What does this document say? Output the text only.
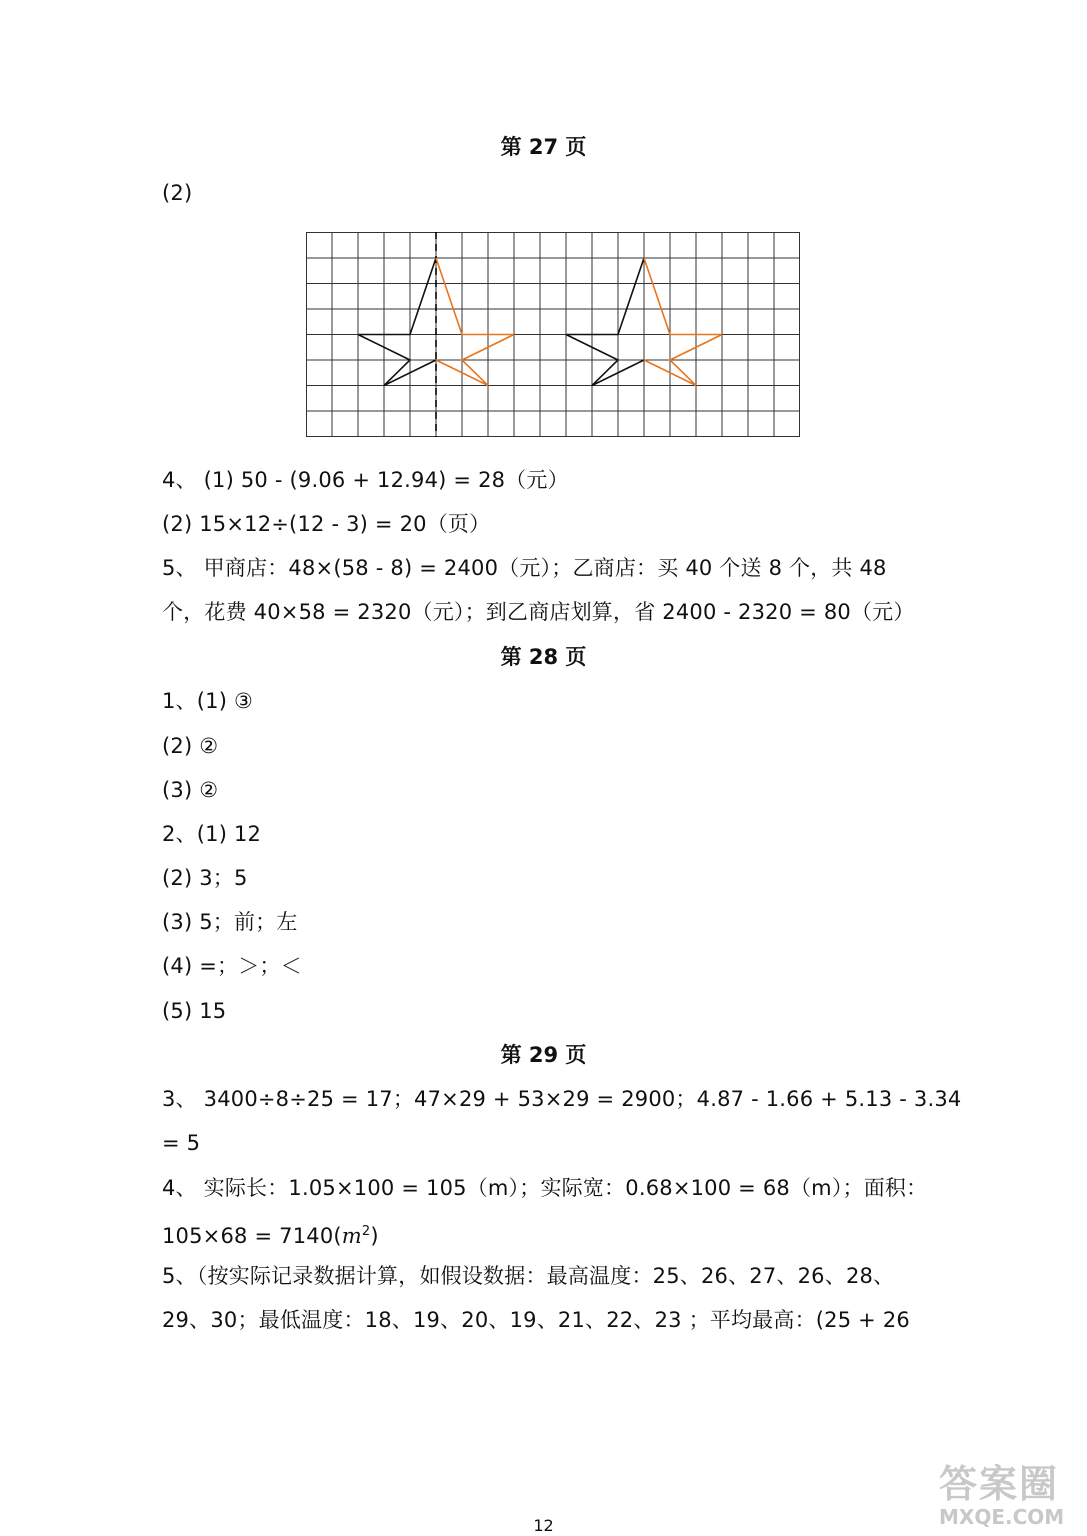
第 27 页
(2)
4、 (1) 50 - (9.06 + 12.94) = 28（元）
(2) 15×12÷(12 - 3) = 20（页）
5、 甲商店：48×(58 - 8) = 2400（元）；乙商店：买 40 个送 8 个，共 48
个，花费 40×58 = 2320（元）；到乙商店划算，省 2400 - 2320 = 80（元）
第 28 页
1、(1) ③
(2) ②
(3) ②
2、(1) 12
(2) 3；5
(3) 5；前；左
(4) =；＞；＜
(5) 15
第 29 页
3、 3400÷8÷25 = 17；47×29 + 53×29 = 2900；4.87 - 1.66 + 5.13 - 3.34
= 5
4、 实际长：1.05×100 = 105（m）；实际宽：0.68×100 = 68（m）；面积：
$105\times 68 = 7140(m^2)$
5、（按实际记录数据计算，如假设数据：最高温度：25、26、27、26、28、
29、30；最低温度：18、19、20、19、21、22、23 ；平均最高：(25 + 26
答案圈
MXQE.COM
12
